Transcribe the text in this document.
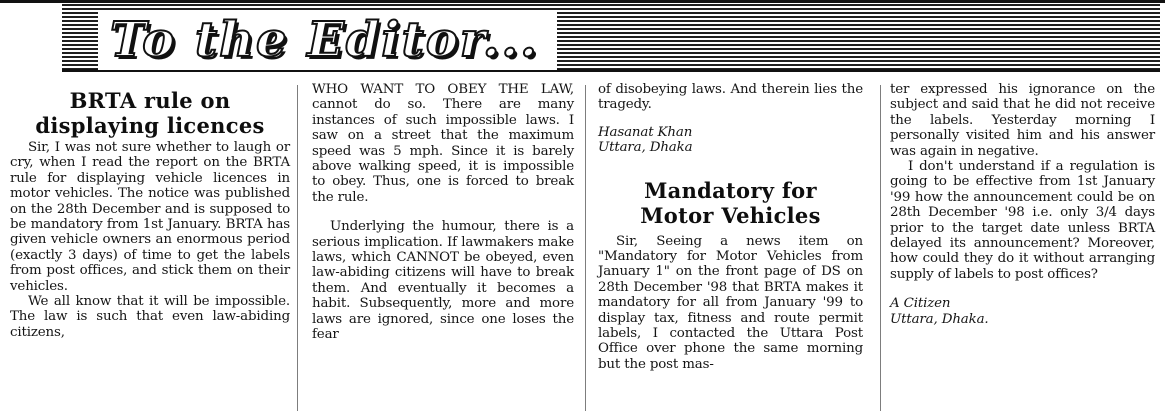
To the Editor...
BRTA rule on displaying licences

Sir, I was not sure whether to laugh or cry, when I read the report on the BRTA rule for displaying vehicle licences in motor vehicles. The notice was published on the 28th December and is supposed to be mandatory from 1st January. BRTA has given vehicle owners an enormous period (exactly 3 days) of time to get the labels from post offices, and stick them on their vehicles.

We all know that it will be impossible. The law is such that even law-abiding citizens,

WHO WANT TO OBEY THE LAW, cannot do so. There are many instances of such impossible laws. I saw on a street that the maximum speed was 5 mph. Since it is barely above walking speed, it is impossible to obey. Thus, one is forced to break the rule.

Underlying the humour, there is a serious implication. If lawmakers make laws, which CANNOT be obeyed, even law-abiding citizens will have to break them. And eventually it becomes a habit. Subsequently, more and more laws are ignored, since one loses the fear

of disobeying laws. And therein lies the tragedy.

Hasanat Khan
Uttara, Dhaka
Mandatory for Motor Vehicles

Sir, Seeing a news item on "Mandatory for Motor Vehicles from January 1" on the front page of DS on 28th December '98 that BRTA makes it mandatory for all from January '99 to display tax, fitness and route permit labels, I contacted the Uttara Post Office over phone the same morning but the post mas-

ter expressed his ignorance on the subject and said that he did not receive the labels. Yesterday morning I personally visited him and his answer was again in negative.

I don't understand if a regulation is going to be effective from 1st January '99 how the announcement could be on 28th December '98 i.e. only 3/4 days prior to the target date unless BRTA delayed its announcement? Moreover, how could they do it without arranging supply of labels to post offices?

A Citizen
Uttara, Dhaka.
